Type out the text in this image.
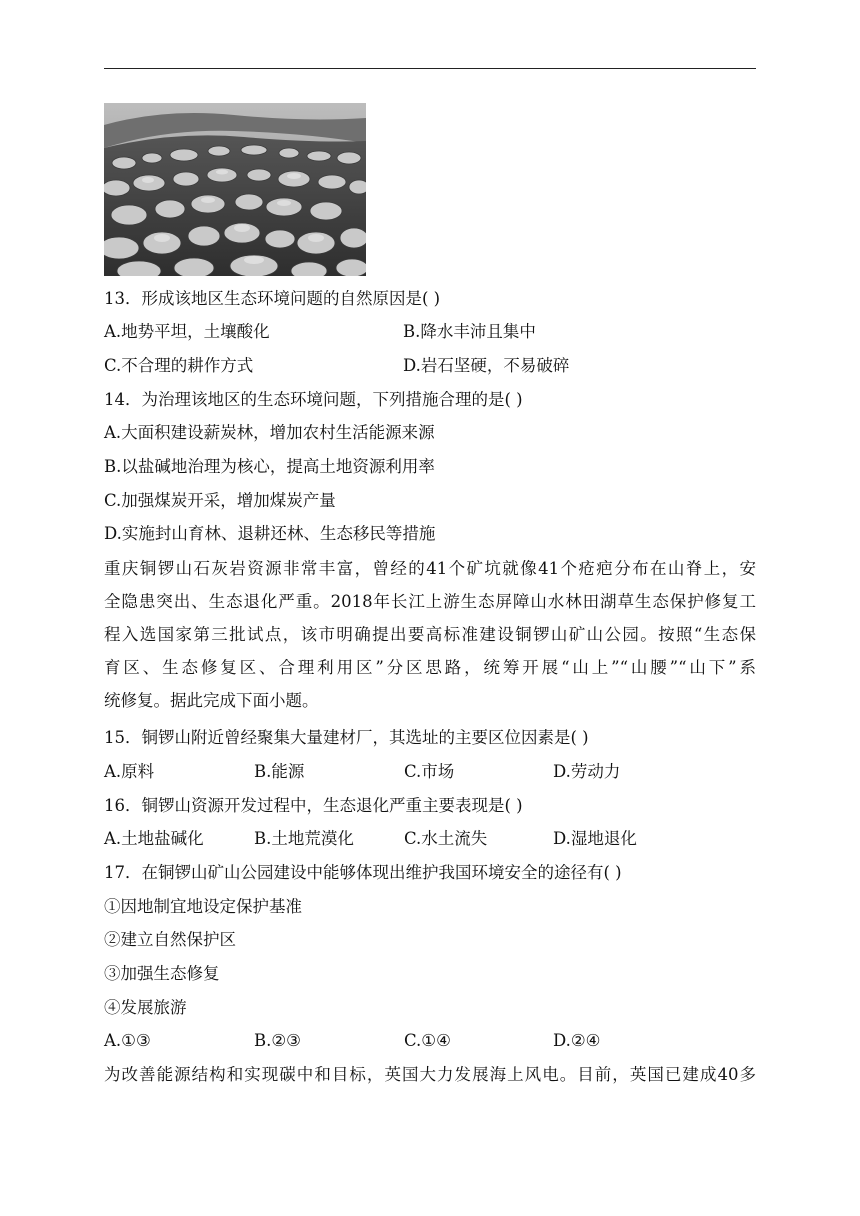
13．形成该地区生态环境问题的自然原因是( )
A.地势平坦，土壤酸化	B.降水丰沛且集中
C.不合理的耕作方式	D.岩石坚硬，不易破碎
14．为治理该地区的生态环境问题，下列措施合理的是( )
A.大面积建设薪炭林，增加农村生活能源来源
B.以盐碱地治理为核心，提高土地资源利用率
C.加强煤炭开采，增加煤炭产量
D.实施封山育林、退耕还林、生态移民等措施
重庆铜锣山石灰岩资源非常丰富，曾经的41个矿坑就像41个疮疤分布在山脊上，安
全隐患突出、生态退化严重。2018年长江上游生态屏障山水林田湖草生态保护修复工
程入选国家第三批试点，该市明确提出要高标准建设铜锣山矿山公园。按照“生态保
育区、生态修复区、合理利用区”分区思路，统筹开展“山上”“山腰”“山下”系
统修复。据此完成下面小题。
15．铜锣山附近曾经聚集大量建材厂，其选址的主要区位因素是( )
A.原料	B.能源	C.市场	D.劳动力
16．铜锣山资源开发过程中，生态退化严重主要表现是( )
A.土地盐碱化	B.土地荒漠化	C.水土流失	D.湿地退化
17．在铜锣山矿山公园建设中能够体现出维护我国环境安全的途径有( )
①因地制宜地设定保护基准
②建立自然保护区
③加强生态修复
④发展旅游
A.①③	B.②③	C.①④	D.②④
为改善能源结构和实现碳中和目标，英国大力发展海上风电。目前，英国已建成40多
